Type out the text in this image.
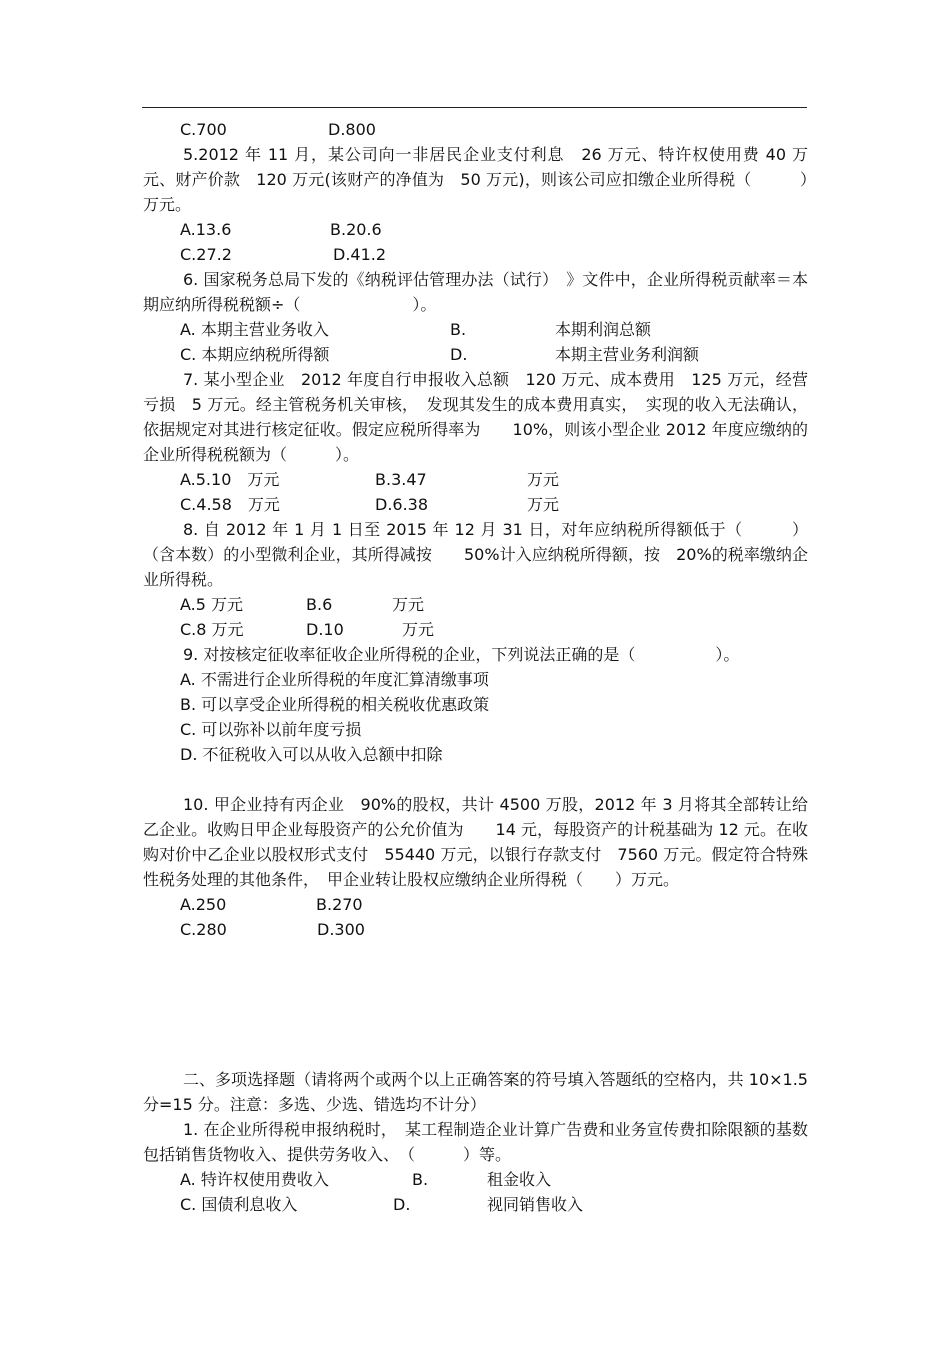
C.700	D.800

5.2012 年 11 月，某公司向一非居民企业支付利息　26 万元、特许权使用费 40 万元、财产价款　120 万元(该财产的净值为　50 万元)，则该公司应扣缴企业所得税（　　　）万元。

A.13.6	B.20.6

C.27.2	D.41.2

6. 国家税务总局下发的《纳税评估管理办法（试行）　》文件中，企业所得税贡献率＝本期应纳所得税税额÷（　　　　　　　）。

A. 本期主营业务收入	B.	本期利润总额

C. 本期应纳税所得额	D.	本期主营业务利润额

7. 某小型企业　2012 年度自行申报收入总额　120 万元、成本费用　125 万元，经营亏损　5 万元。经主管税务机关审核，　发现其发生的成本费用真实，　实现的收入无法确认，依据规定对其进行核定征收。假定应税所得率为　　10%，则该小型企业 2012 年度应缴纳的企业所得税税额为（　　　）。

A.5.10　万元	B.3.47	万元

C.4.58　万元	D.6.38	万元

8. 自 2012 年 1 月 1 日至 2015 年 12 月 31 日，对年应纳税所得额低于（　　　）（含本数）的小型微利企业，其所得减按　　50%计入应纳税所得额，按　20%的税率缴纳企业所得税。

A.5 万元	B.6	万元

C.8 万元	D.10	万元

9. 对按核定征收率征收企业所得税的企业，下列说法正确的是（　　　　　）。

A. 不需进行企业所得税的年度汇算清缴事项

B. 可以享受企业所得税的相关税收优惠政策

C. 可以弥补以前年度亏损

D. 不征税收入可以从收入总额中扣除

10. 甲企业持有丙企业　90%的股权，共计 4500 万股，2012 年 3 月将其全部转让给乙企业。收购日甲企业每股资产的公允价值为　　14 元，每股资产的计税基础为 12 元。在收购对价中乙企业以股权形式支付　55440 万元，以银行存款支付　7560 万元。假定符合特殊性税务处理的其他条件，　甲企业转让股权应缴纳企业所得税（　　）万元。

A.250	B.270

C.280	D.300

二、多项选择题（请将两个或两个以上正确答案的符号填入答题纸的空格内，共 10×1.5　分=15 分。注意：多选、少选、错选均不计分）

1. 在企业所得税申报纳税时，　某工程制造企业计算广告费和业务宣传费扣除限额的基数包括销售货物收入、提供劳务收入、　（　　　）等。

A. 特许权使用费收入	B.	租金收入

C. 国债利息收入	D.	视同销售收入
